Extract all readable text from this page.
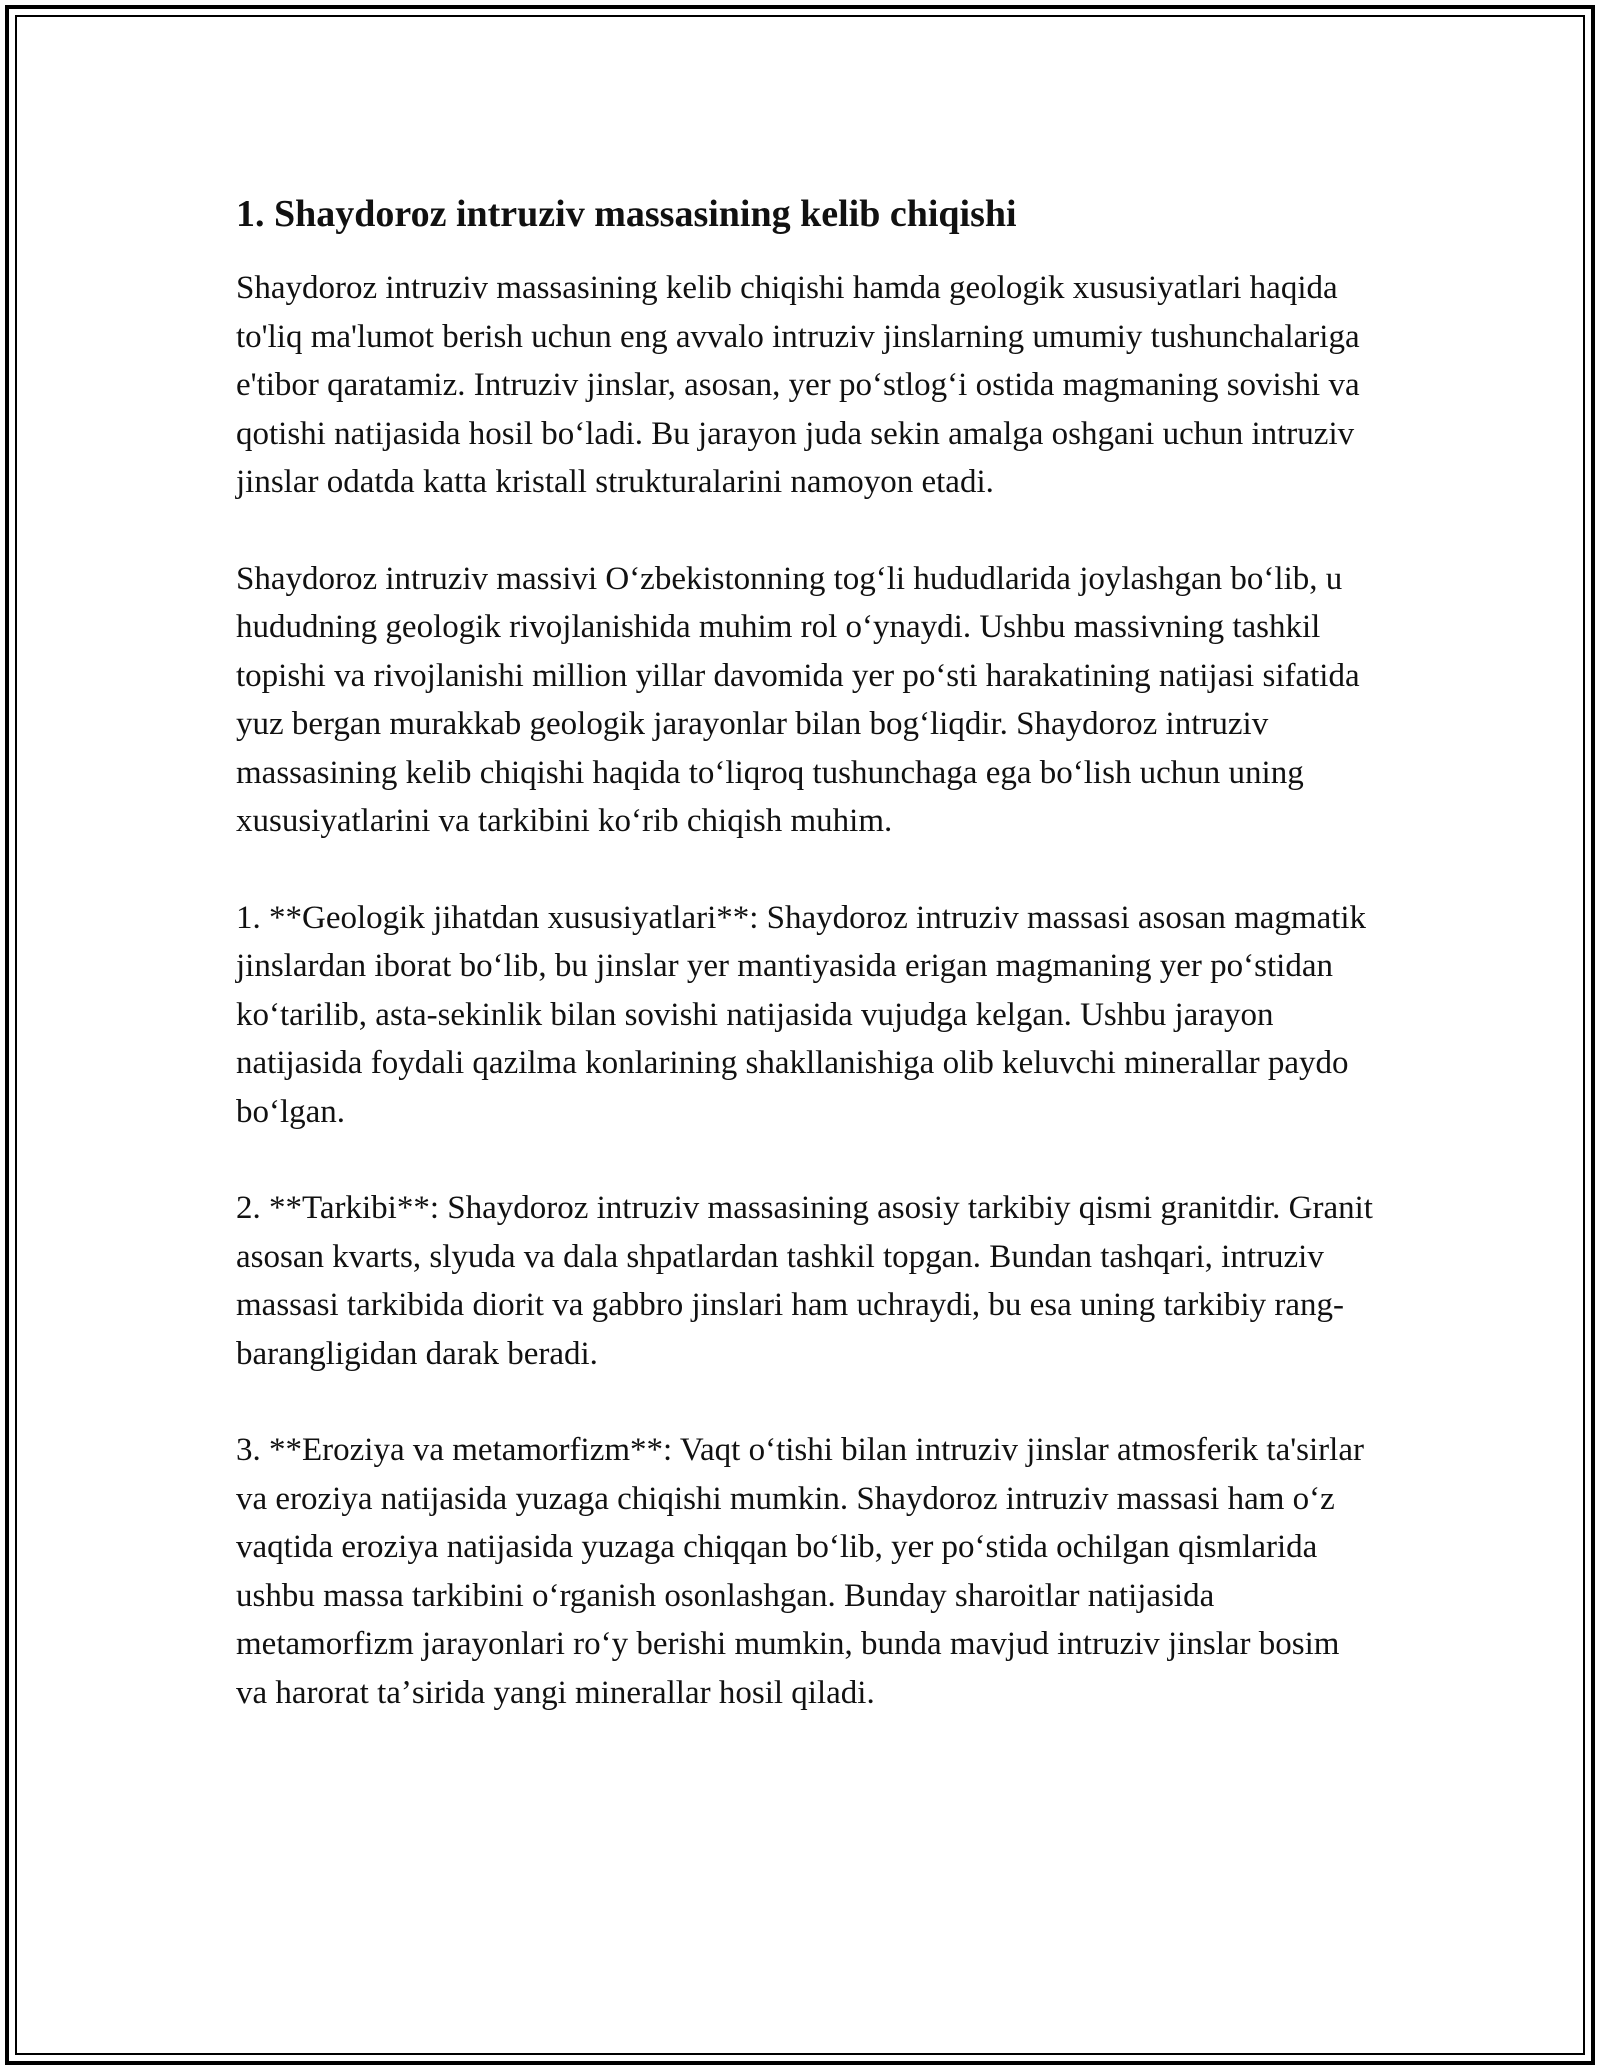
1. Shaydoroz intruziv massasining kelib chiqishi

Shaydoroz intruziv massasining kelib chiqishi hamda geologik xususiyatlari haqida to'liq ma'lumot berish uchun eng avvalo intruziv jinslarning umumiy tushunchalariga e'tibor qaratamiz. Intruziv jinslar, asosan, yer poʻstlogʻi ostida magmaning sovishi va qotishi natijasida hosil boʻladi. Bu jarayon juda sekin amalga oshgani uchun intruziv jinslar odatda katta kristall strukturalarini namoyon etadi.

Shaydoroz intruziv massivi Oʻzbekistonning togʻli hududlarida joylashgan boʻlib, u hududning geologik rivojlanishida muhim rol oʻynaydi. Ushbu massivning tashkil topishi va rivojlanishi million yillar davomida yer poʻsti harakatining natijasi sifatida yuz bergan murakkab geologik jarayonlar bilan bogʻliqdir. Shaydoroz intruziv massasining kelib chiqishi haqida toʻliqroq tushunchaga ega boʻlish uchun uning xususiyatlarini va tarkibini koʻrib chiqish muhim.

1. **Geologik jihatdan xususiyatlari**: Shaydoroz intruziv massasi asosan magmatik jinslardan iborat boʻlib, bu jinslar yer mantiyasida erigan magmaning yer poʻstidan koʻtarilib, asta-sekinlik bilan sovishi natijasida vujudga kelgan. Ushbu jarayon natijasida foydali qazilma konlarining shakllanishiga olib keluvchi minerallar paydo boʻlgan.

2. **Tarkibi**: Shaydoroz intruziv massasining asosiy tarkibiy qismi granitdir. Granit asosan kvarts, slyuda va dala shpatlardan tashkil topgan. Bundan tashqari, intruziv massasi tarkibida diorit va gabbro jinslari ham uchraydi, bu esa uning tarkibiy rang-barangligidan darak beradi.

3. **Eroziya va metamorfizm**: Vaqt oʻtishi bilan intruziv jinslar atmosferik ta'sirlar va eroziya natijasida yuzaga chiqishi mumkin. Shaydoroz intruziv massasi ham oʻz vaqtida eroziya natijasida yuzaga chiqqan boʻlib, yer poʻstida ochilgan qismlarida ushbu massa tarkibini oʻrganish osonlashgan. Bunday sharoitlar natijasida metamorfizm jarayonlari roʻy berishi mumkin, bunda mavjud intruziv jinslar bosim va harorat taʼsirida yangi minerallar hosil qiladi.
